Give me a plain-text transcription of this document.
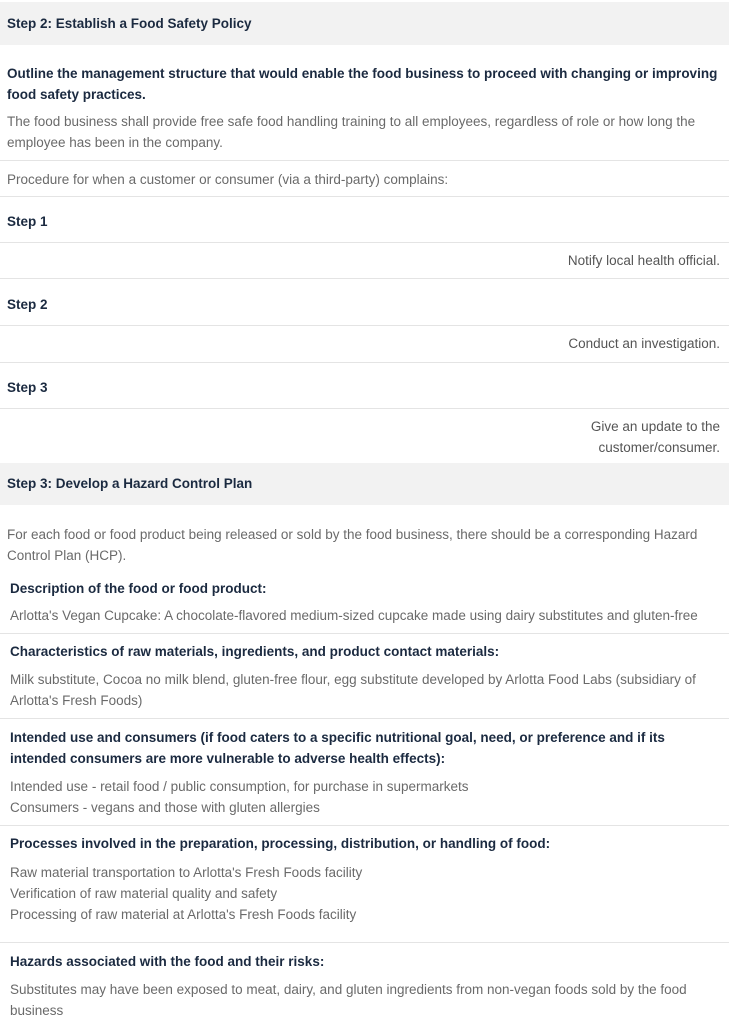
Step 2: Establish a Food Safety Policy
Outline the management structure that would enable the food business to proceed with changing or improving food safety practices.
The food business shall provide free safe food handling training to all employees, regardless of role or how long the employee has been in the company.
Procedure for when a customer or consumer (via a third-party) complains:
Step 1
Notify local health official.
Step 2
Conduct an investigation.
Step 3
Give an update to the
customer/consumer.
Step 3: Develop a Hazard Control Plan
For each food or food product being released or sold by the food business, there should be a corresponding Hazard Control Plan (HCP).
Description of the food or food product:
Arlotta's Vegan Cupcake: A chocolate-flavored medium-sized cupcake made using dairy substitutes and gluten-free
Characteristics of raw materials, ingredients, and product contact materials:
Milk substitute, Cocoa no milk blend, gluten-free flour, egg substitute developed by Arlotta Food Labs (subsidiary of Arlotta's Fresh Foods)
Intended use and consumers (if food caters to a specific nutritional goal, need, or preference and if its intended consumers are more vulnerable to adverse health effects):
Intended use - retail food / public consumption, for purchase in supermarkets
Consumers - vegans and those with gluten allergies
Processes involved in the preparation, processing, distribution, or handling of food:
Raw material transportation to Arlotta's Fresh Foods facility
Verification of raw material quality and safety
Processing of raw material at Arlotta's Fresh Foods facility
Hazards associated with the food and their risks:
Substitutes may have been exposed to meat, dairy, and gluten ingredients from non-vegan foods sold by the food business
